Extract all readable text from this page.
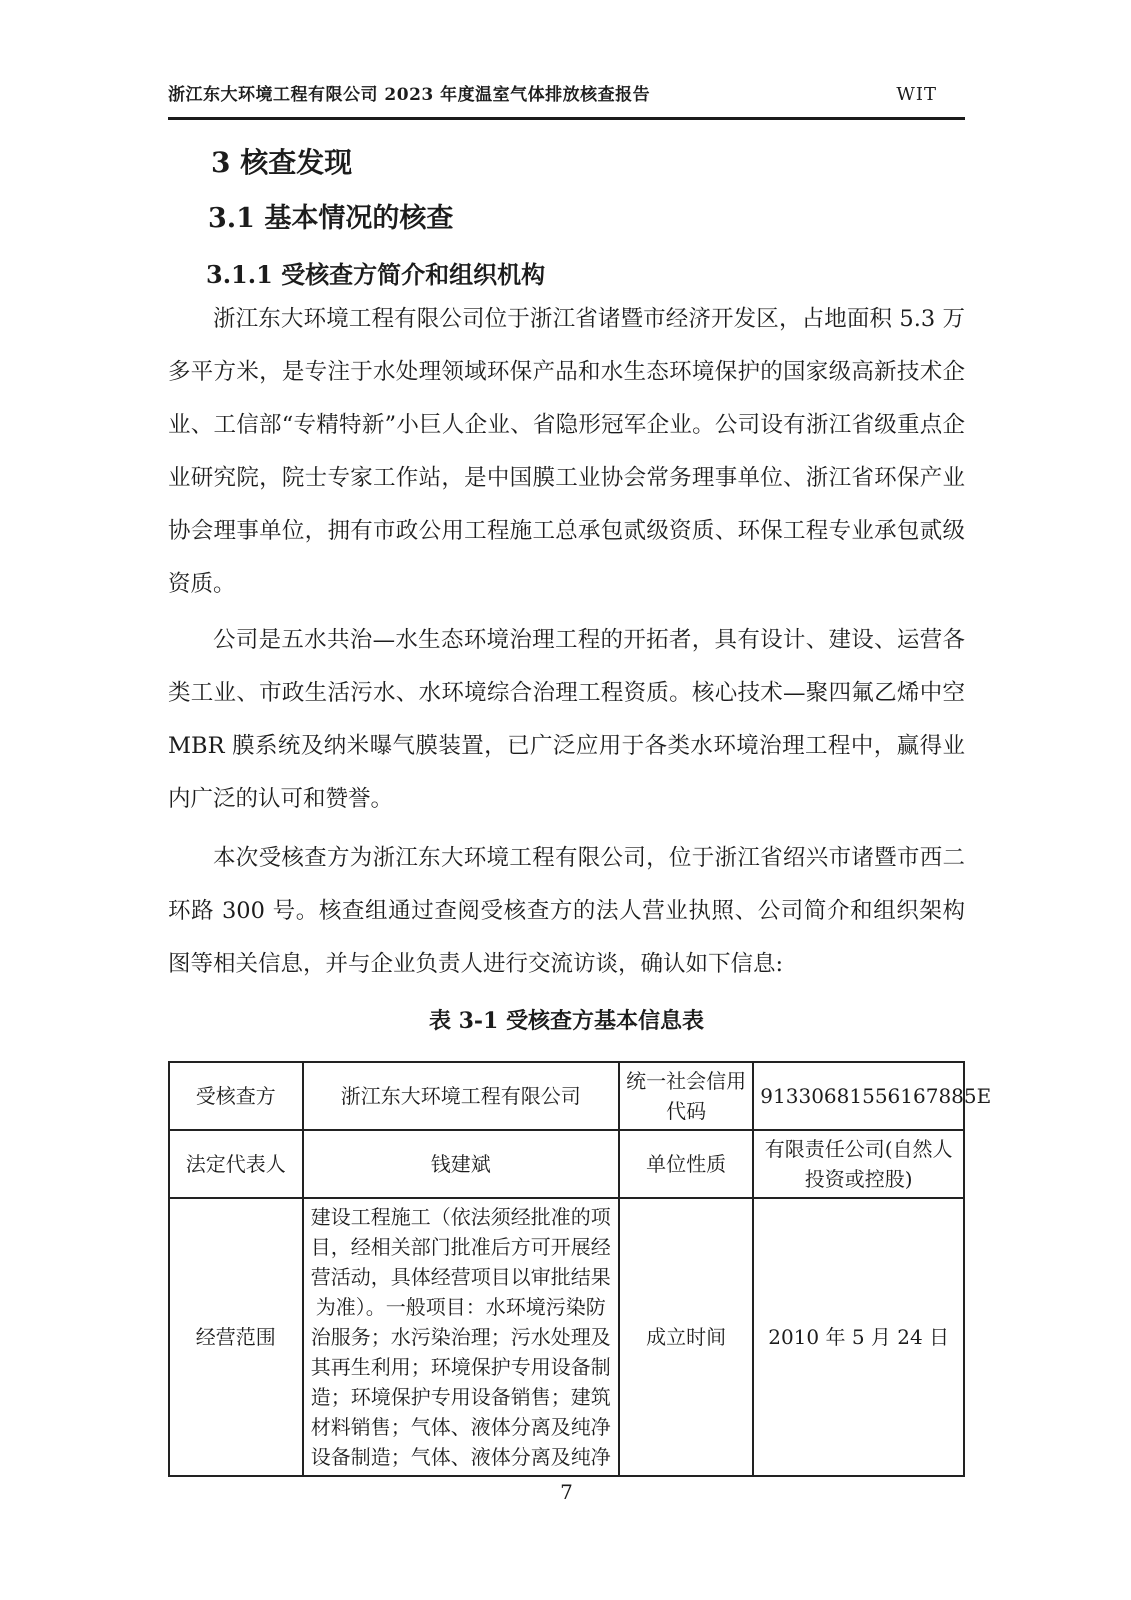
浙江东大环境工程有限公司 2023 年度温室气体排放核查报告	WIT
3 核查发现
3.1 基本情况的核查
3.1.1 受核查方简介和组织机构

浙江东大环境工程有限公司位于浙江省诸暨市经济开发区，占地面积 5.3 万多平方米，是专注于水处理领域环保产品和水生态环境保护的国家级高新技术企业、工信部“专精特新”小巨人企业、省隐形冠军企业。公司设有浙江省级重点企业研究院，院士专家工作站，是中国膜工业协会常务理事单位、浙江省环保产业协会理事单位，拥有市政公用工程施工总承包贰级资质、环保工程专业承包贰级资质。

公司是五水共治—水生态环境治理工程的开拓者，具有设计、建设、运营各类工业、市政生活污水、水环境综合治理工程资质。核心技术—聚四氟乙烯中空 MBR 膜系统及纳米曝气膜装置，已广泛应用于各类水环境治理工程中，赢得业内广泛的认可和赞誉。

本次受核查方为浙江东大环境工程有限公司，位于浙江省绍兴市诸暨市西二环路 300 号。核查组通过查阅受核查方的法人营业执照、公司简介和组织架构图等相关信息，并与企业负责人进行交流访谈，确认如下信息:

表 3-1 受核查方基本信息表
受核查方	浙江东大环境工程有限公司	统一社会信用代码	91330681556167885E
法定代表人	钱建斌	单位性质	有限责任公司(自然人投资或控股)
经营范围	建设工程施工（依法须经批准的项目，经相关部门批准后方可开展经营活动，具体经营项目以审批结果为准）。一般项目：水环境污染防治服务；水污染治理；污水处理及其再生利用；环境保护专用设备制造；环境保护专用设备销售；建筑材料销售；气体、液体分离及纯净设备制造；气体、液体分离及纯净	成立时间	2010 年 5 月 24 日
7
